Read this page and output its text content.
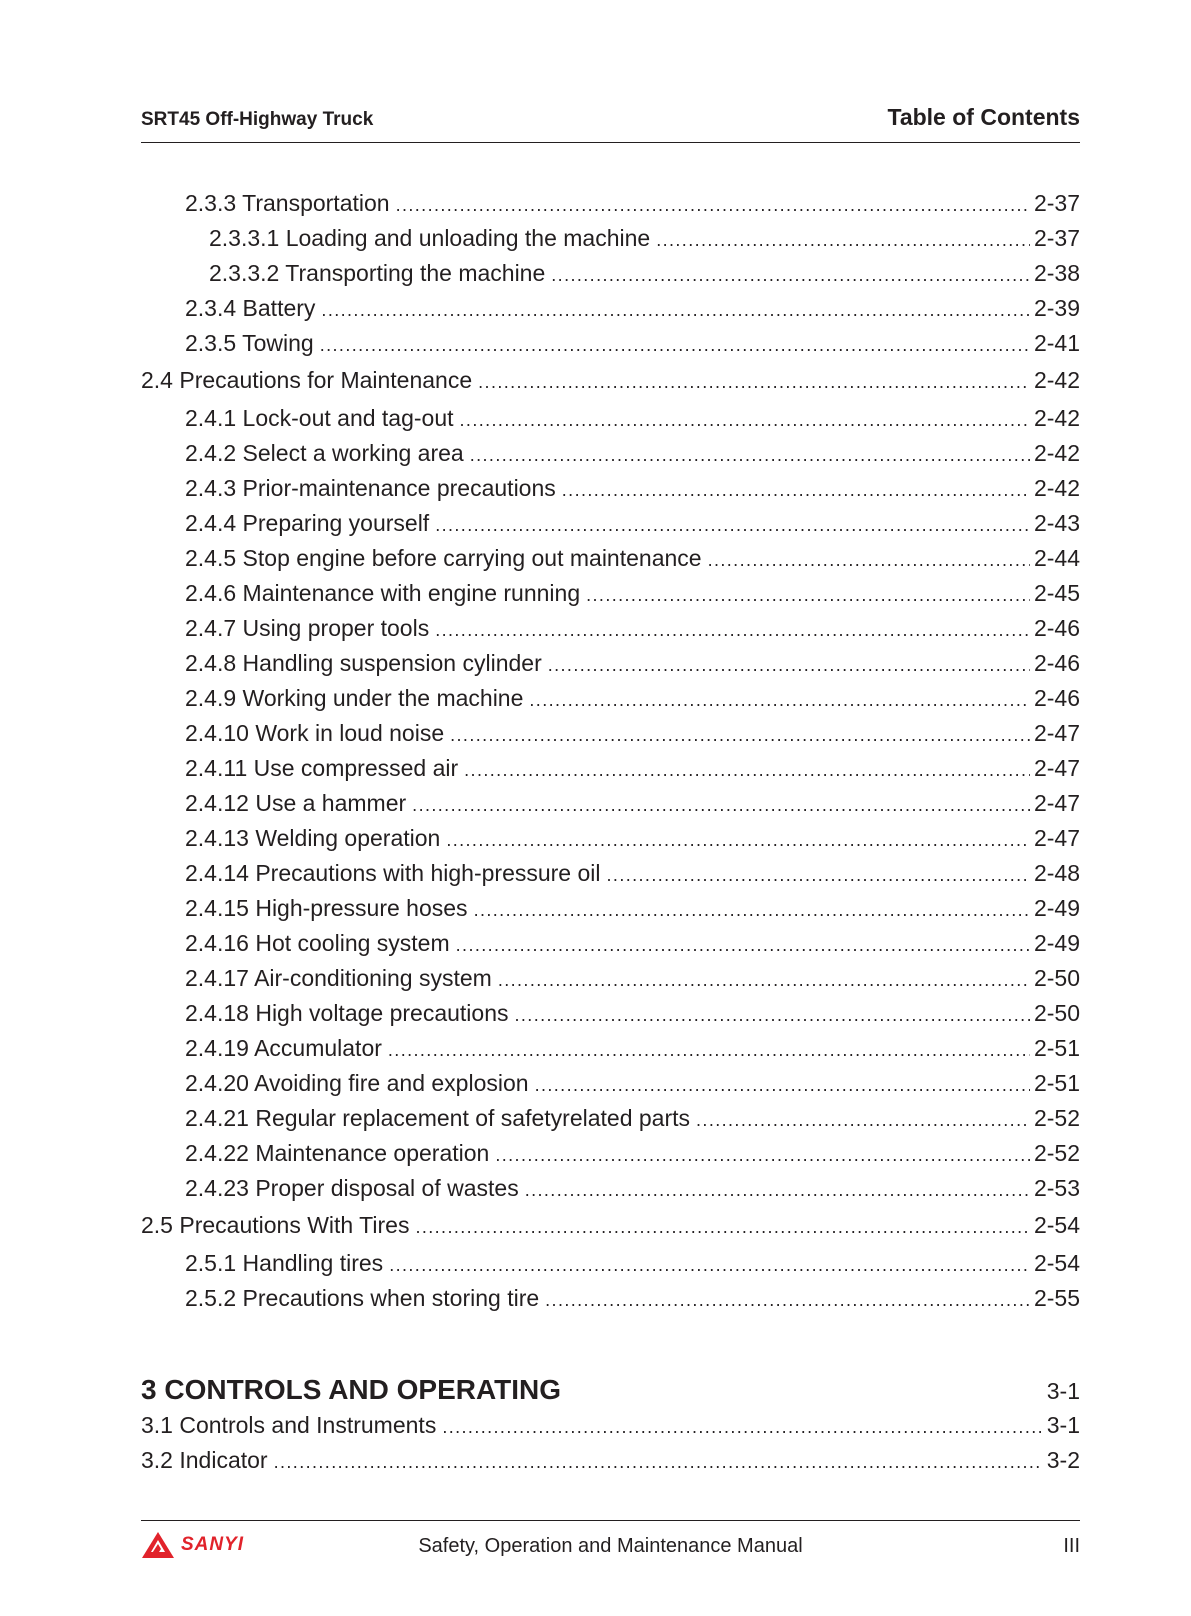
SRT45 Off-Highway Truck	Table of Contents
2.3.3 Transportation .....	2-37
2.3.3.1 Loading and unloading the machine .....	2-37
2.3.3.2 Transporting the machine .....	2-38
2.3.4 Battery .....	2-39
2.3.5 Towing .....	2-41
2.4 Precautions for Maintenance .....	2-42
2.4.1 Lock-out and tag-out .....	2-42
2.4.2 Select a working area .....	2-42
2.4.3 Prior-maintenance precautions .....	2-42
2.4.4 Preparing yourself .....	2-43
2.4.5 Stop engine before carrying out maintenance .....	2-44
2.4.6 Maintenance with engine running .....	2-45
2.4.7 Using proper tools .....	2-46
2.4.8 Handling suspension cylinder .....	2-46
2.4.9 Working under the machine .....	2-46
2.4.10 Work in loud noise .....	2-47
2.4.11 Use compressed air .....	2-47
2.4.12 Use a hammer .....	2-47
2.4.13 Welding operation .....	2-47
2.4.14 Precautions with high-pressure oil .....	2-48
2.4.15 High-pressure hoses .....	2-49
2.4.16 Hot cooling system .....	2-49
2.4.17 Air-conditioning system .....	2-50
2.4.18 High voltage precautions .....	2-50
2.4.19 Accumulator .....	2-51
2.4.20 Avoiding fire and explosion .....	2-51
2.4.21 Regular replacement of safetyrelated parts .....	2-52
2.4.22 Maintenance operation .....	2-52
2.4.23 Proper disposal of wastes .....	2-53
2.5 Precautions With Tires .....	2-54
2.5.1 Handling tires .....	2-54
2.5.2 Precautions when storing tire .....	2-55
3 CONTROLS AND OPERATING	3-1
3.1 Controls and Instruments .....	3-1
3.2 Indicator .....	3-2
SANYI	Safety, Operation and Maintenance Manual	III
